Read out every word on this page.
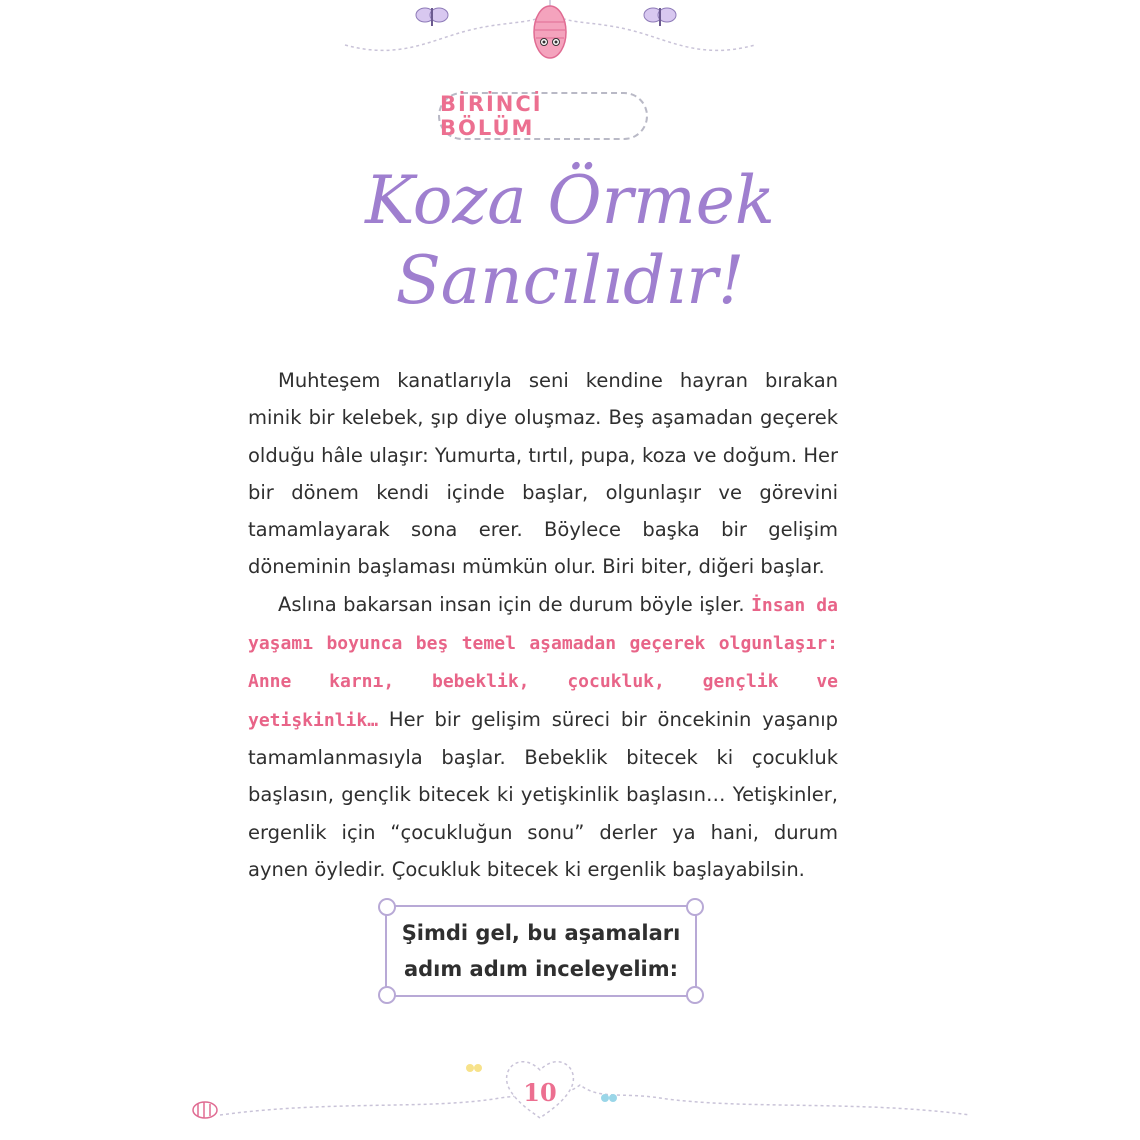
BİRİNCİ BÖLÜM
Koza Örmek
Sancılıdır!

Muhteşem kanatlarıyla seni kendine hayran bırakan minik bir kelebek, şıp diye oluşmaz. Beş aşamadan geçerek olduğu hâle ulaşır: Yumurta, tırtıl, pupa, koza ve doğum. Her bir dönem kendi içinde başlar, olgunlaşır ve görevini tamamlayarak sona erer. Böylece başka bir gelişim döneminin başlaması mümkün olur. Biri biter, diğeri başlar.

Aslına bakarsan insan için de durum böyle işler. İnsan da yaşamı boyunca beş temel aşamadan geçerek olgunlaşır: Anne karnı, bebeklik, çocukluk, gençlik ve yetişkinlik… Her bir gelişim süreci bir öncekinin yaşanıp tamamlanmasıyla başlar. Bebeklik bitecek ki çocukluk başlasın, gençlik bitecek ki yetişkinlik başlasın… Yetişkinler, ergenlik için “çocukluğun sonu” derler ya hani, durum aynen öyledir. Çocukluk bitecek ki ergenlik başlayabilsin.

Şimdi gel, bu aşamaları
adım adım inceleyelim:
10
